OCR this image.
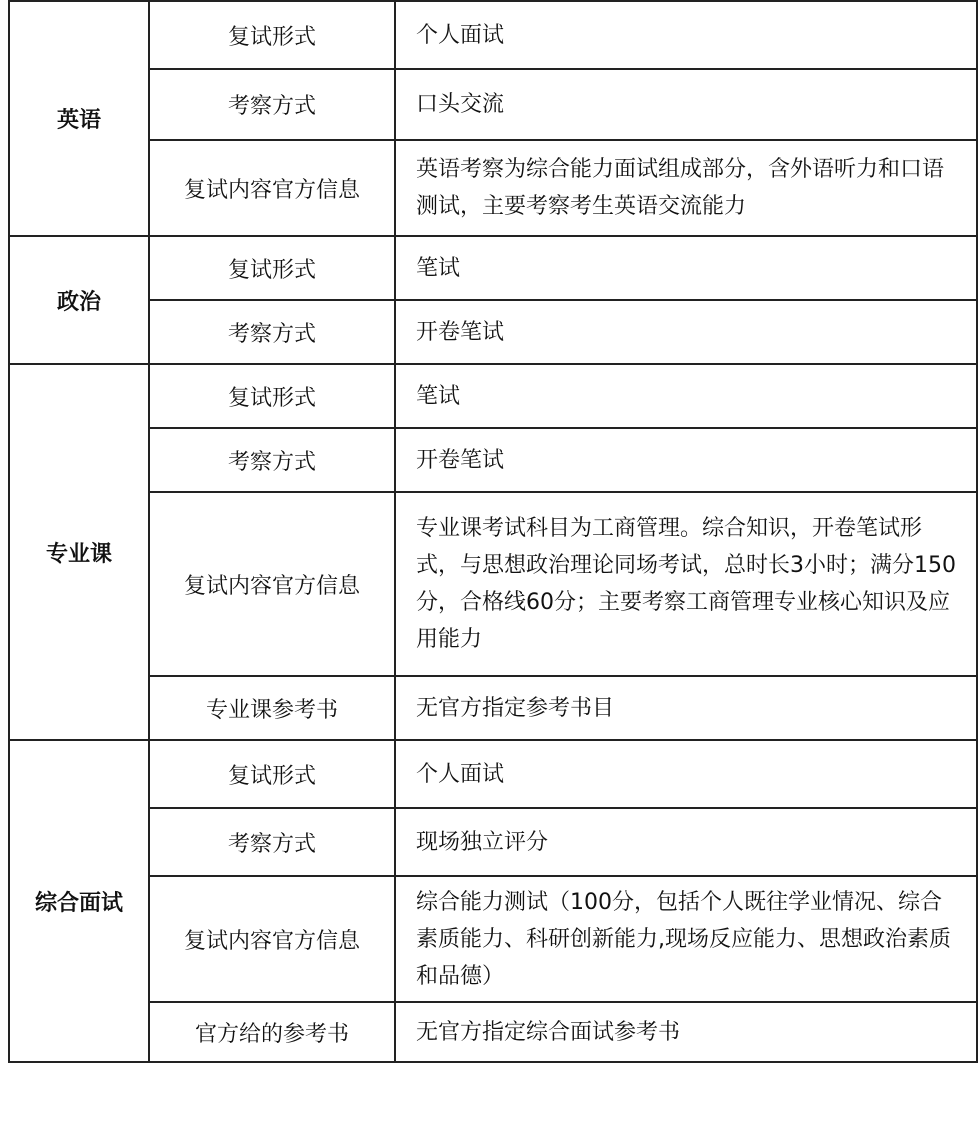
英语	复试形式	个人面试
	考察方式	口头交流
	复试内容官方信息	英语考察为综合能力面试组成部分，含外语听力和口语测试，主要考察考生英语交流能力
政治	复试形式	笔试
	考察方式	开卷笔试
专业课	复试形式	笔试
	考察方式	开卷笔试
	复试内容官方信息	专业课考试科目为工商管理。综合知识，开卷笔试形式，与思想政治理论同场考试，总时长3小时；满分150分，合格线60分；主要考察工商管理专业核心知识及应用能力
	专业课参考书	无官方指定参考书目
综合面试	复试形式	个人面试
	考察方式	现场独立评分
	复试内容官方信息	综合能力测试（100分，包括个人既往学业情况、综合素质能力、科研创新能力,现场反应能力、思想政治素质和品德）
	官方给的参考书	无官方指定综合面试参考书
